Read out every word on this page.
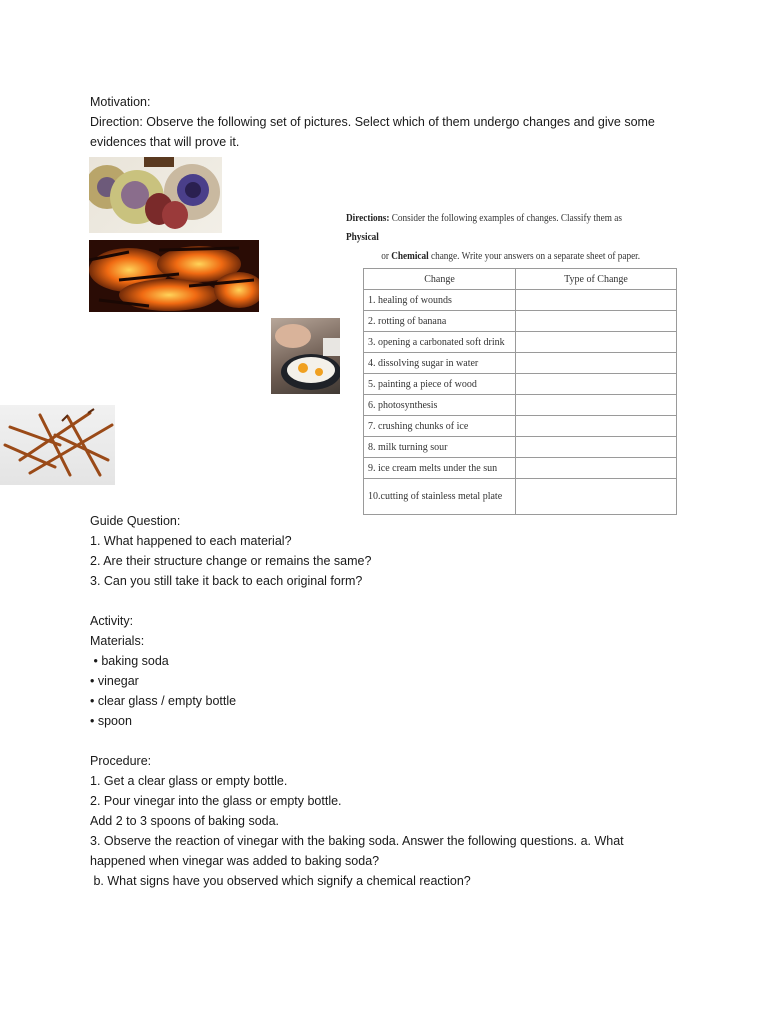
Motivation:
Direction: Observe the following set of pictures. Select which of them undergo changes and give some
evidences that will prove it.
Directions: Consider the following examples of changes. Classify them as Physical
or Chemical change. Write your answers on a separate sheet of paper.
Change	Type of Change
1. healing of wounds	
2. rotting of banana	
3. opening a carbonated soft drink	
4. dissolving sugar in water	
5. painting a piece of wood	
6. photosynthesis	
7. crushing chunks of ice	
8. milk turning sour	
9. ice cream melts under the sun	
10.cutting of stainless metal plate	
Guide Question:
1. What happened to each material?
2. Are their structure change or remains the same?
3. Can you still take it back to each original form?
Activity:
Materials:
• baking soda
• vinegar
• clear glass / empty bottle
• spoon
Procedure:
1. Get a clear glass or empty bottle.
2. Pour vinegar into the glass or empty bottle.
Add 2 to 3 spoons of baking soda.
3. Observe the reaction of vinegar with the baking soda. Answer the following questions. a. What
happened when vinegar was added to baking soda?
b. What signs have you observed which signify a chemical reaction?
